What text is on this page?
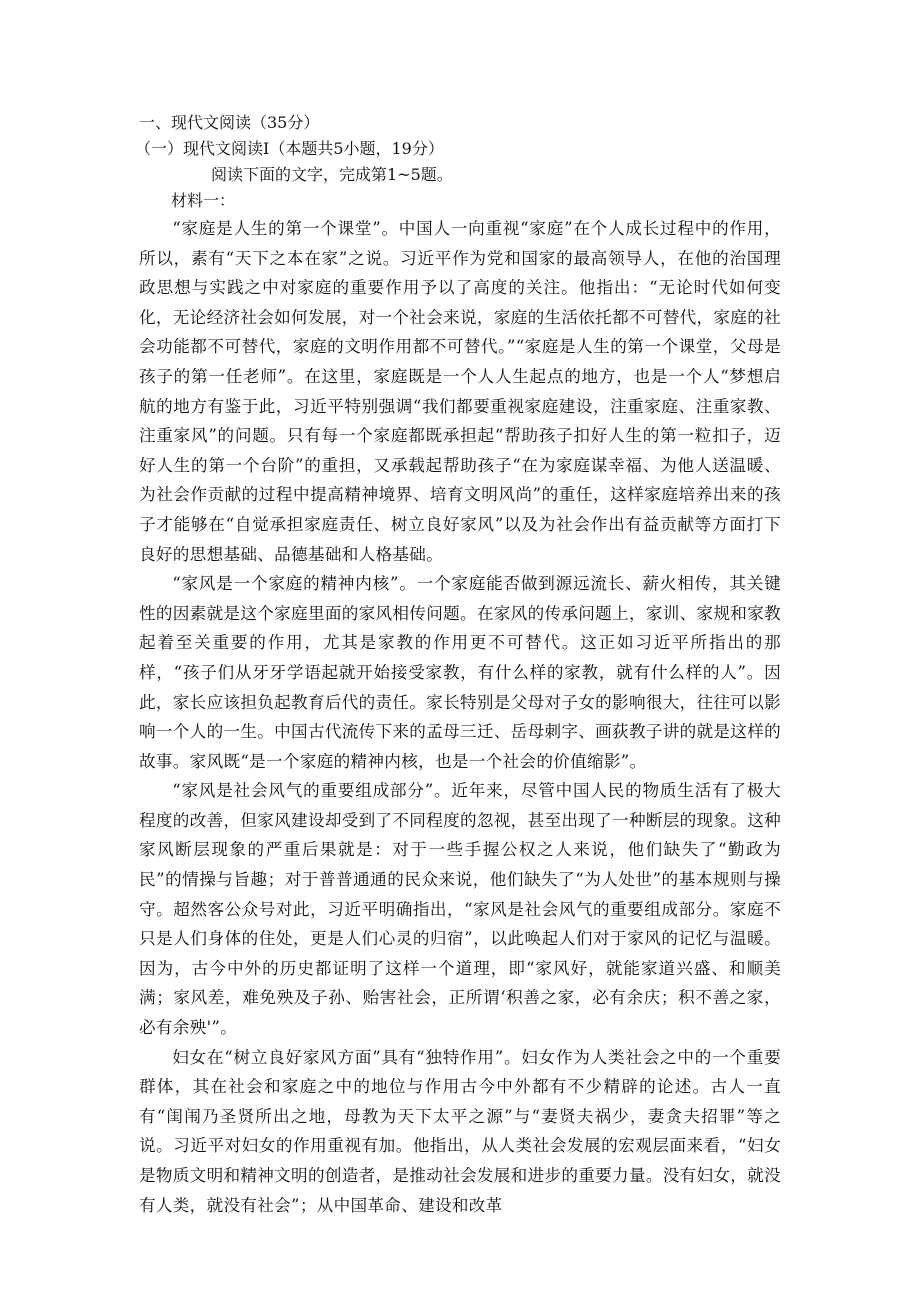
一、现代文阅读（35分）

（一）现代文阅读Ⅰ（本题共5小题，19分）

阅读下面的文字，完成第1~5题。

材料一：

“家庭是人生的第一个课堂”。中国人一向重视“家庭”在个人成长过程中的作用，所以，素有“天下之本在家”之说。习近平作为党和国家的最高领导人，在他的治国理政思想与实践之中对家庭的重要作用予以了高度的关注。他指出：“无论时代如何变化，无论经济社会如何发展，对一个社会来说，家庭的生活依托都不可替代，家庭的社会功能都不可替代，家庭的文明作用都不可替代。”“家庭是人生的第一个课堂，父母是孩子的第一任老师”。在这里，家庭既是一个人人生起点的地方，也是一个人“梦想启航的地方有鉴于此，习近平特别强调“我们都要重视家庭建设，注重家庭、注重家教、注重家风”的问题。只有每一个家庭都既承担起“帮助孩子扣好人生的第一粒扣子，迈好人生的第一个台阶”的重担，又承载起帮助孩子“在为家庭谋幸福、为他人送温暖、为社会作贡献的过程中提高精神境界、培育文明风尚”的重任，这样家庭培养出来的孩子才能够在“自觉承担家庭责任、树立良好家风”以及为社会作出有益贡献等方面打下良好的思想基础、品德基础和人格基础。

“家风是一个家庭的精神内核”。一个家庭能否做到源远流长、薪火相传，其关键性的因素就是这个家庭里面的家风相传问题。在家风的传承问题上，家训、家规和家教起着至关重要的作用，尤其是家教的作用更不可替代。这正如习近平所指出的那样，“孩子们从牙牙学语起就开始接受家教，有什么样的家教，就有什么样的人”。因此，家长应该担负起教育后代的责任。家长特别是父母对子女的影响很大，往往可以影响一个人的一生。中国古代流传下来的孟母三迁、岳母刺字、画荻教子讲的就是这样的故事。家风既“是一个家庭的精神内核，也是一个社会的价值缩影”。

“家风是社会风气的重要组成部分”。近年来，尽管中国人民的物质生活有了极大程度的改善，但家风建设却受到了不同程度的忽视，甚至出现了一种断层的现象。这种家风断层现象的严重后果就是：对于一些手握公权之人来说，他们缺失了“勤政为民”的情操与旨趣；对于普普通通的民众来说，他们缺失了“为人处世”的基本规则与操守。超然客公众号对此，习近平明确指出，“家风是社会风气的重要组成部分。家庭不只是人们身体的住处，更是人们心灵的归宿”，以此唤起人们对于家风的记忆与温暖。因为，古今中外的历史都证明了这样一个道理，即“家风好，就能家道兴盛、和顺美满；家风差，难免殃及子孙、贻害社会，正所谓‘积善之家，必有余庆；积不善之家，必有余殃'”。

妇女在“树立良好家风方面”具有“独特作用”。妇女作为人类社会之中的一个重要群体，其在社会和家庭之中的地位与作用古今中外都有不少精辟的论述。古人一直有“闺闱乃圣贤所出之地，母教为天下太平之源”与“妻贤夫祸少，妻贪夫招罪”等之说。习近平对妇女的作用重视有加。他指出，从人类社会发展的宏观层面来看，“妇女是物质文明和精神文明的创造者，是推动社会发展和进步的重要力量。没有妇女，就没有人类，就没有社会”；从中国革命、建设和改革
